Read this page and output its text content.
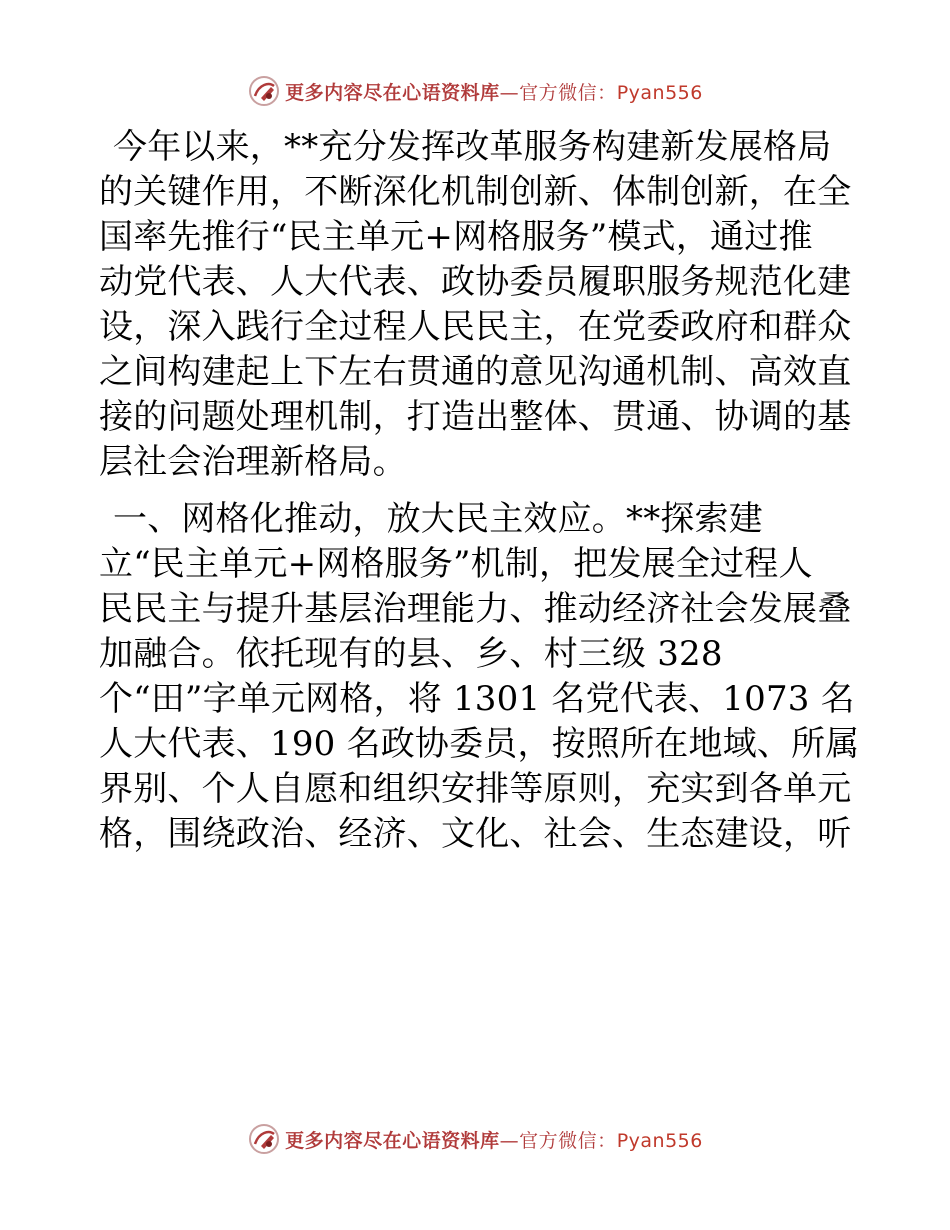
更多内容尽在心语资料库—官方微信：Pyan556
今年以来，**充分发挥改革服务构建新发展格局
的关键作用，不断深化机制创新、体制创新，在全
国率先推行“民主单元+网格服务”模式，通过推
动党代表、人大代表、政协委员履职服务规范化建
设，深入践行全过程人民民主，在党委政府和群众
之间构建起上下左右贯通的意见沟通机制、高效直
接的问题处理机制，打造出整体、贯通、协调的基
层社会治理新格局。
一、网格化推动，放大民主效应。**探索建
立“民主单元+网格服务”机制，把发展全过程人
民民主与提升基层治理能力、推动经济社会发展叠
加融合。依托现有的县、乡、村三级 328
个“田”字单元网格，将 1301 名党代表、1073 名
人大代表、190 名政协委员，按照所在地域、所属
界别、个人自愿和组织安排等原则，充实到各单元
格，围绕政治、经济、文化、社会、生态建设，听
更多内容尽在心语资料库—官方微信：Pyan556
